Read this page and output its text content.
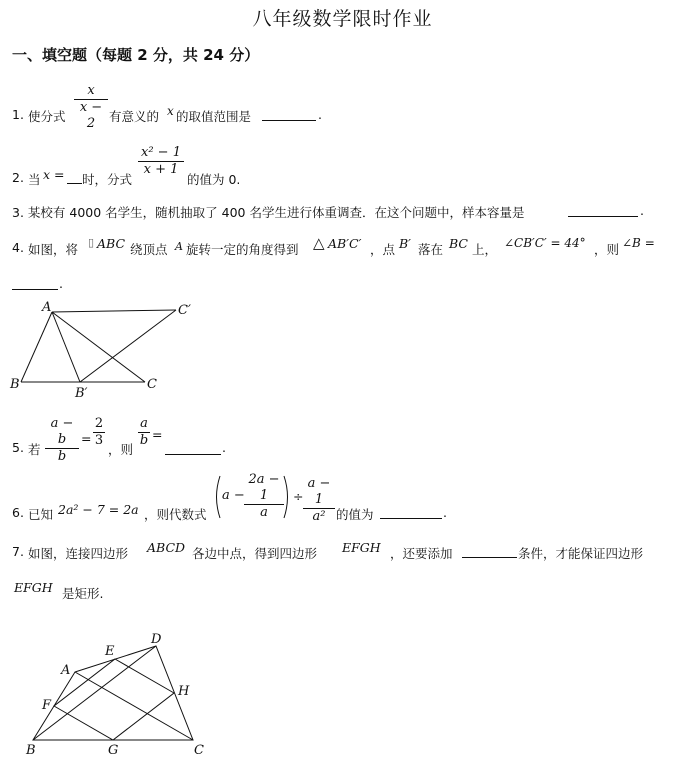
八年级数学限时作业
一、填空题（每题 2 分，共 24 分）
1. 使分式
x
x − 2	有意义的 x 的取值范围是	.
2. 当 x = 时，分式
x² − 1
x + 1
的值为 0.
3. 某校有 4000 名学生，随机抽取了 400 名学生进行体重调查．在这个问题中，样本容量是	.
4. 如图，将 ▯ ABC 绕顶点 A 旋转一定的角度得到 △ AB′C′ ，点 B′ 落在 BC 上， ∠CB′C′ = 44° ，则 ∠B =
.
A	C′
B
B′
C
5. 若
a − b
b
=
2
3
，则
a
b =
.
6. 已知 2a² − 7 = 2a ，则代数式
a −
2a − 1
a
÷
a − 1
a² 的值为	.
7. 如图，连接四边形 ABCD 各边中点，得到四边形 EFGH ，还要添加	条件，才能保证四边形
EFGH 是矩形.
D
E
A
H
F
B	G	C
